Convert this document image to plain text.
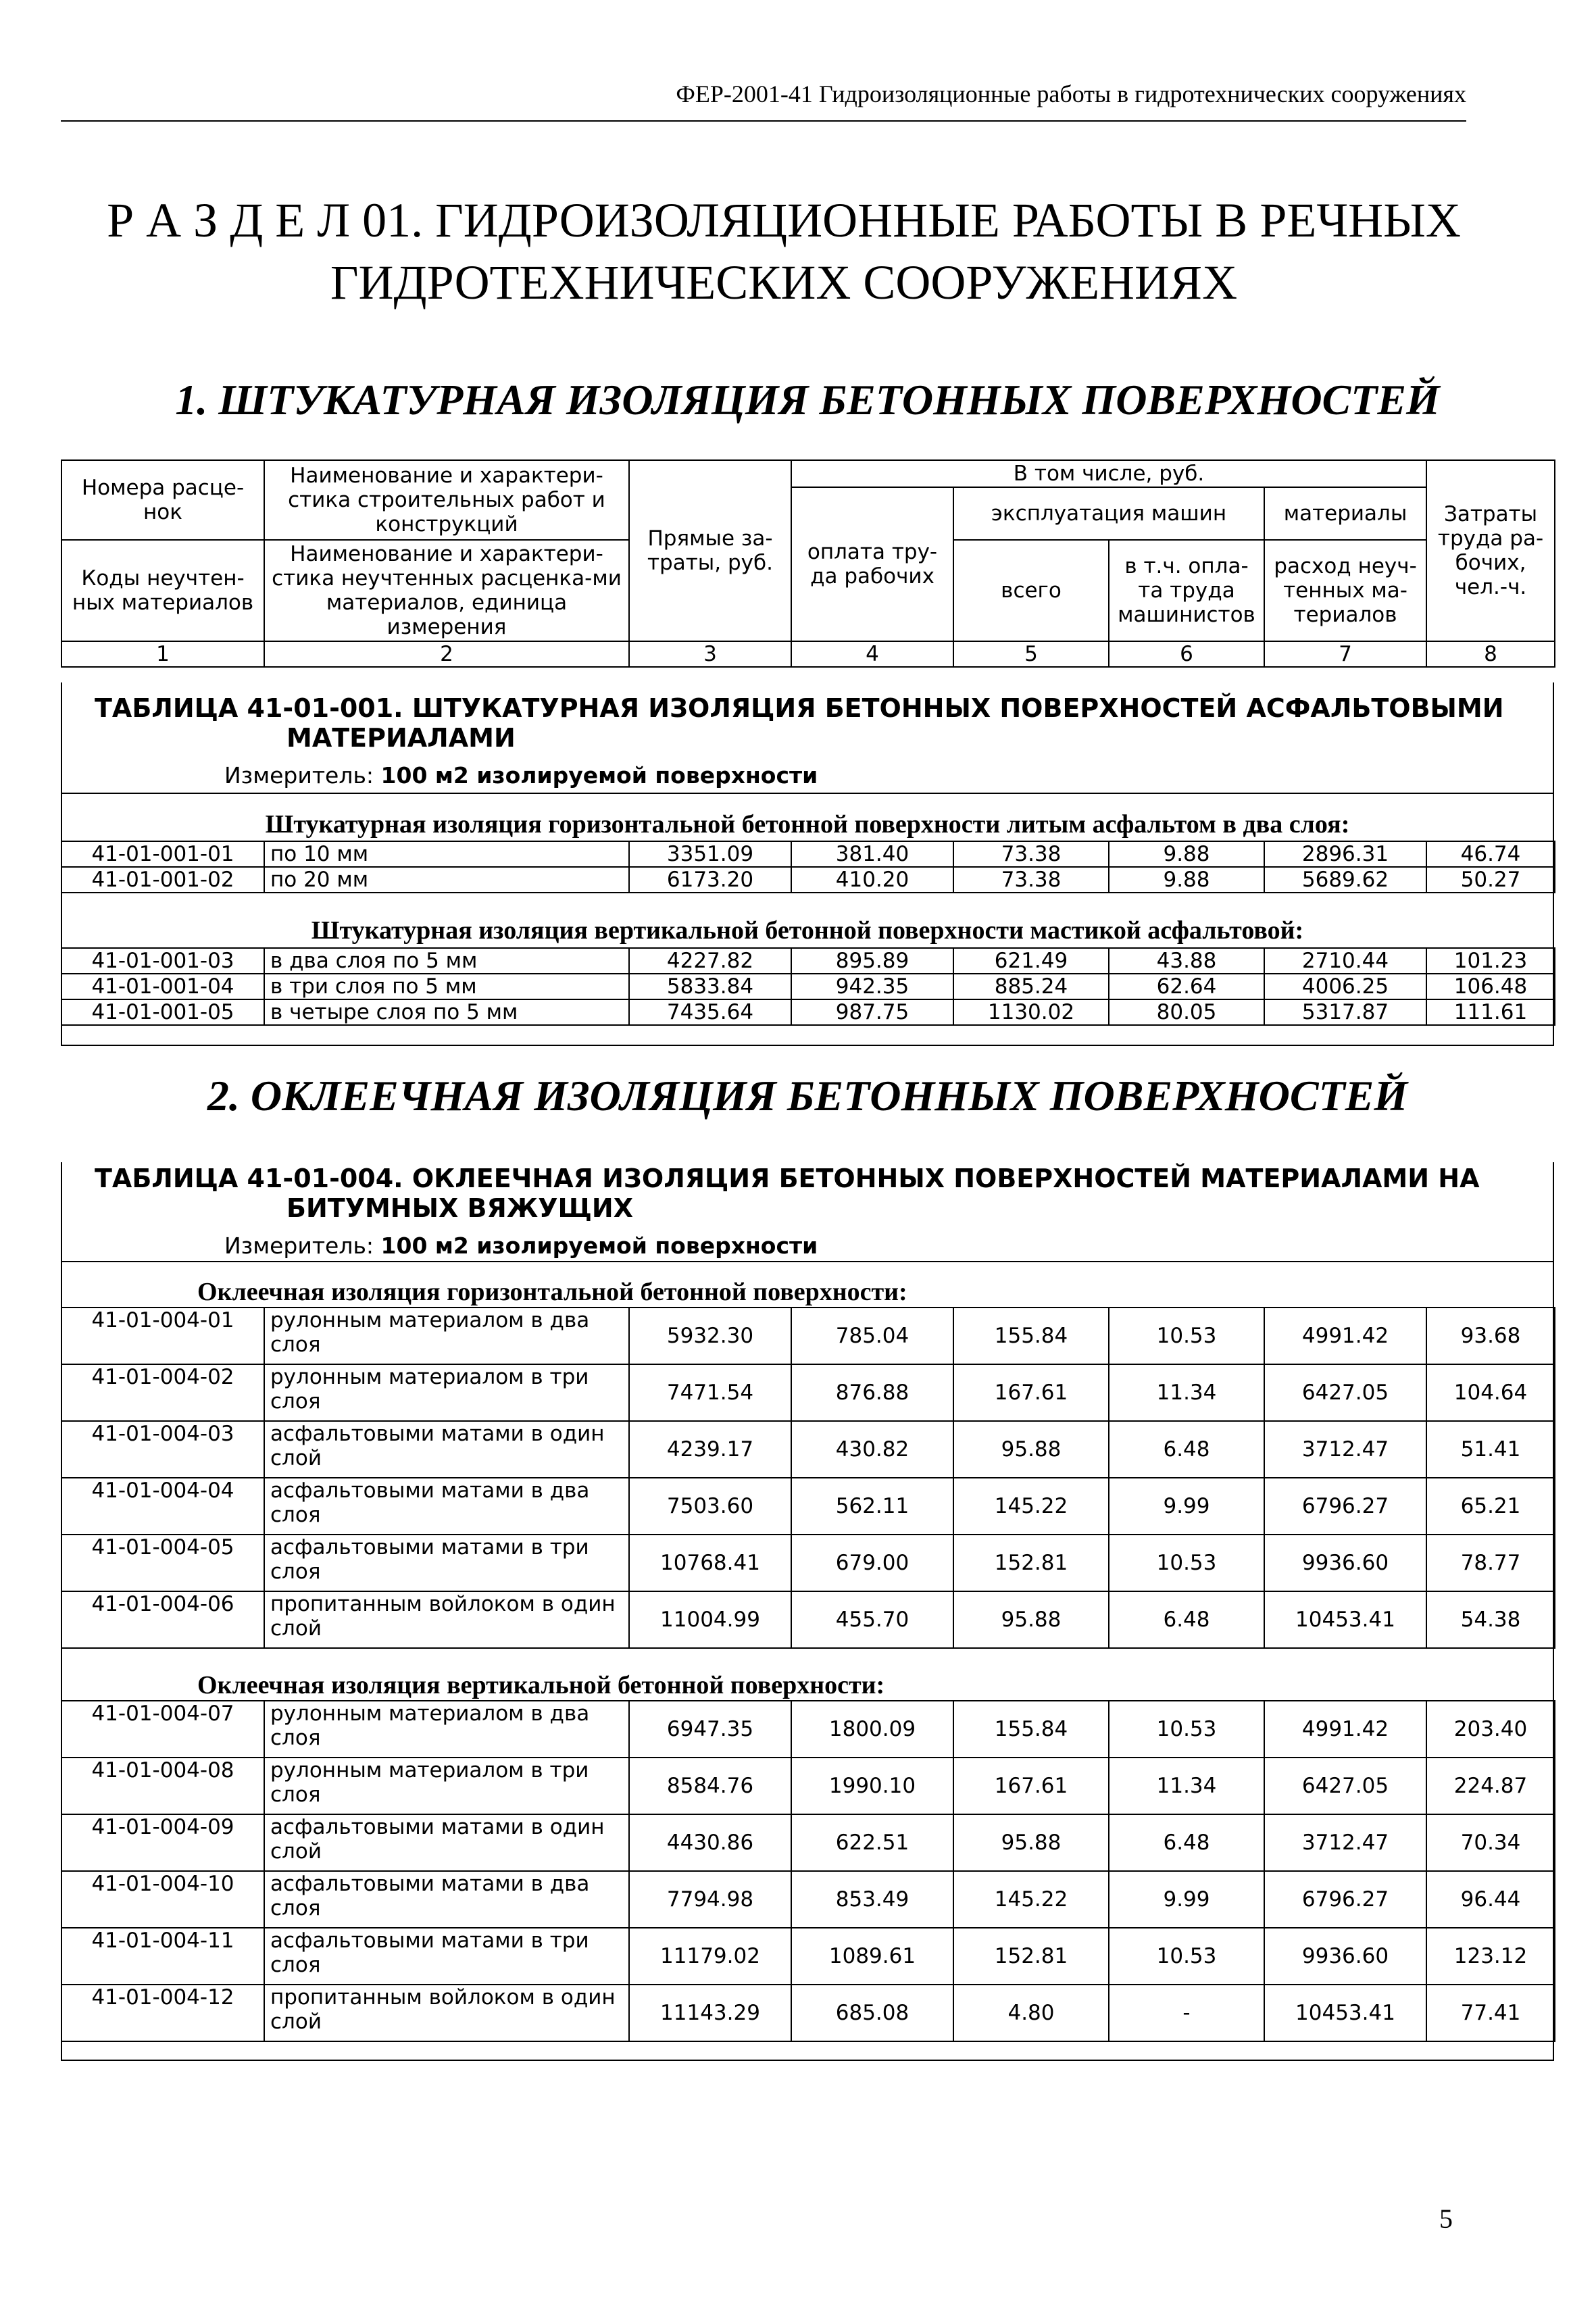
ФЕР-2001-41 Гидроизоляционные работы в гидротехнических сооружениях
Р А З Д Е Л 01. ГИДРОИЗОЛЯЦИОННЫЕ РАБОТЫ В РЕЧНЫХ
ГИДРОТЕХНИЧЕСКИХ СООРУЖЕНИЯХ
1. ШТУКАТУРНАЯ ИЗОЛЯЦИЯ БЕТОННЫХ ПОВЕРХНОСТЕЙ
Номера расце-нок	Наименование и характери-стика строительных работ и конструкций	Прямые за-траты, руб.	В том числе, руб.				Затраты труда ра-бочих, чел.-ч.
			оплата тру-да рабочих	эксплуатация машин		материалы	
Коды неучтен-ных материалов	Наименование и характери-стика неучтенных расценка-ми материалов, единица измерения			всего	в т.ч. опла-та труда машинистов	расход неуч-тенных ма-териалов	

1	2	3	4	5	6	7	8
ТАБЛИЦА 41-01-001. ШТУКАТУРНАЯ ИЗОЛЯЦИЯ БЕТОННЫХ ПОВЕРХНОСТЕЙ АСФАЛЬТОВЫМИ
МАТЕРИАЛАМИ
Измеритель: 100 м2 изолируемой поверхности
Штукатурная изоляция горизонтальной бетонной поверхности литым асфальтом в два слоя:
41-01-001-01	по 10 мм	3351.09	381.40	73.38	9.88	2896.31	46.74
41-01-001-02	по 20 мм	6173.20	410.20	73.38	9.88	5689.62	50.27
Штукатурная изоляция вертикальной бетонной поверхности мастикой асфальтовой:
41-01-001-03	в два слоя по 5 мм	4227.82	895.89	621.49	43.88	2710.44	101.23
41-01-001-04	в три слоя по 5 мм	5833.84	942.35	885.24	62.64	4006.25	106.48
41-01-001-05	в четыре слоя по 5 мм	7435.64	987.75	1130.02	80.05	5317.87	111.61
2. ОКЛЕЕЧНАЯ ИЗОЛЯЦИЯ БЕТОННЫХ ПОВЕРХНОСТЕЙ
ТАБЛИЦА 41-01-004. ОКЛЕЕЧНАЯ ИЗОЛЯЦИЯ БЕТОННЫХ ПОВЕРХНОСТЕЙ МАТЕРИАЛАМИ НА
БИТУМНЫХ ВЯЖУЩИХ
Измеритель: 100 м2 изолируемой поверхности
Оклеечная изоляция горизонтальной бетонной поверхности:
41-01-004-01	рулонным материалом в два слоя	5932.30	785.04	155.84	10.53	4991.42	93.68
41-01-004-02	рулонным материалом в три слоя	7471.54	876.88	167.61	11.34	6427.05	104.64
41-01-004-03	асфальтовыми матами в один слой	4239.17	430.82	95.88	6.48	3712.47	51.41
41-01-004-04	асфальтовыми матами в два слоя	7503.60	562.11	145.22	9.99	6796.27	65.21
41-01-004-05	асфальтовыми матами в три слоя	10768.41	679.00	152.81	10.53	9936.60	78.77
41-01-004-06	пропитанным войлоком в один слой	11004.99	455.70	95.88	6.48	10453.41	54.38
Оклеечная изоляция вертикальной бетонной поверхности:
41-01-004-07	рулонным материалом в два слоя	6947.35	1800.09	155.84	10.53	4991.42	203.40
41-01-004-08	рулонным материалом в три слоя	8584.76	1990.10	167.61	11.34	6427.05	224.87
41-01-004-09	асфальтовыми матами в один слой	4430.86	622.51	95.88	6.48	3712.47	70.34
41-01-004-10	асфальтовыми матами в два слоя	7794.98	853.49	145.22	9.99	6796.27	96.44
41-01-004-11	асфальтовыми матами в три слоя	11179.02	1089.61	152.81	10.53	9936.60	123.12
41-01-004-12	пропитанным войлоком в один слой	11143.29	685.08	4.80	-	10453.41	77.41
5
